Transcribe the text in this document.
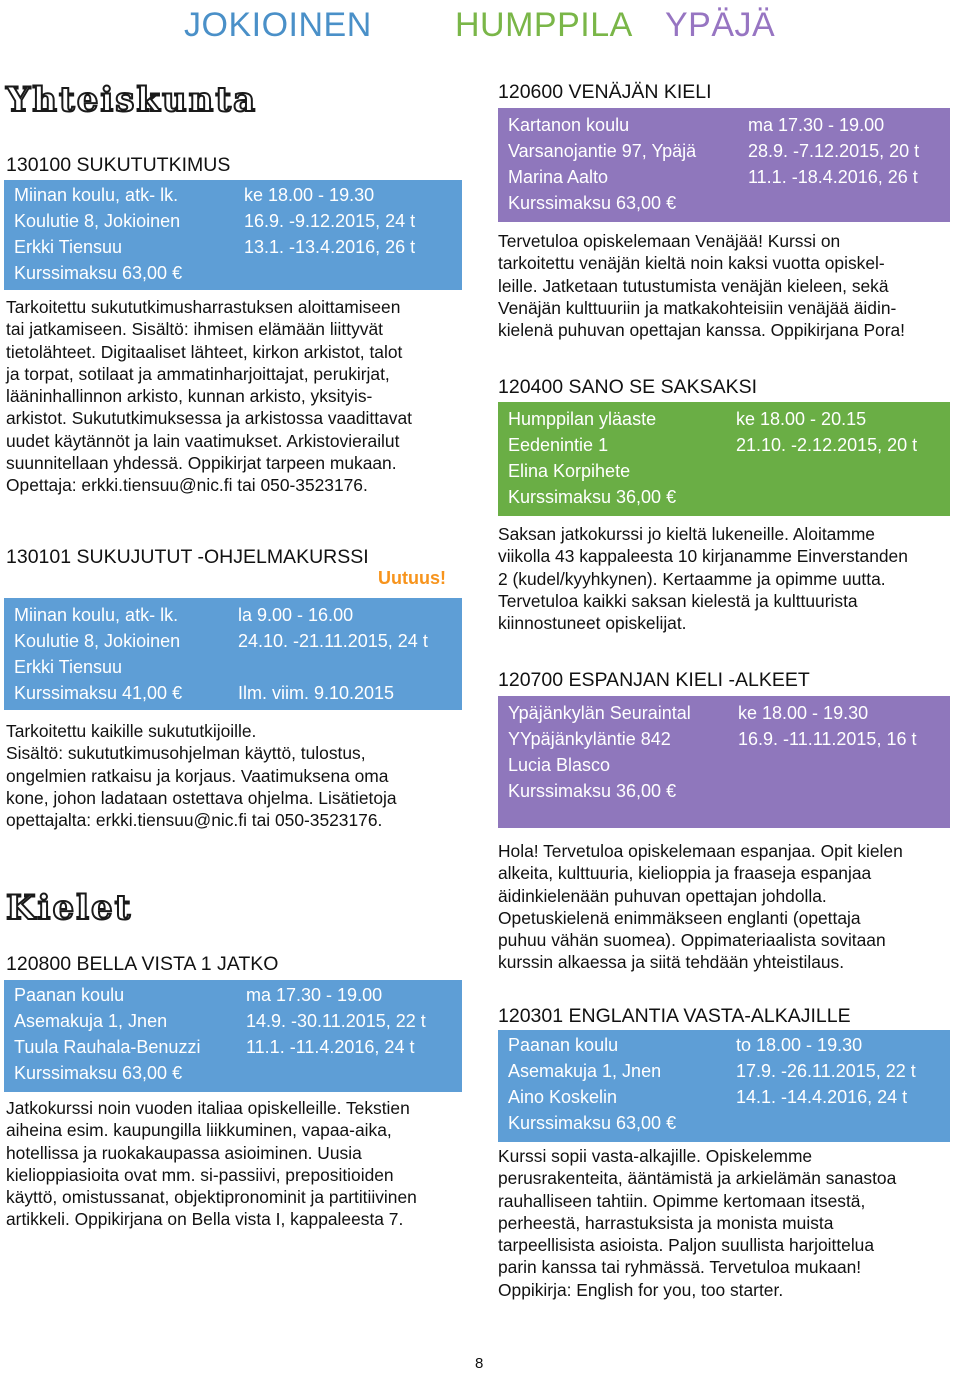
JOKIOINEN HUMPPILA YPÄJÄ
Yhteiskunta
130100 SUKUTUTKIMUS
Miinan koulu, atk- lk.
Koulutie 8, Jokioinen
Erkki Tiensuu
Kurssimaksu 63,00 €
ke 18.00 - 19.30
16.9. -9.12.2015, 24 t
13.1. -13.4.2016, 26 t
Tarkoitettu sukututkimusharrastuksen aloittamiseen
tai jatkamiseen. Sisältö: ihmisen elämään liittyvät
tietolähteet. Digitaaliset lähteet, kirkon arkistot, talot
ja torpat, sotilaat ja ammatinharjoittajat, perukirjat,
lääninhallinnon arkisto, kunnan arkisto, yksityis-
arkistot. Sukututkimuksessa ja arkistossa vaadittavat
uudet käytännöt ja lain vaatimukset. Arkistovierailut
suunnitellaan yhdessä. Oppikirjat tarpeen mukaan.
Opettaja: erkki.tiensuu@nic.fi tai 050-3523176.
130101 SUKUJUTUT -OHJELMAKURSSI
Uutuus!
Miinan koulu, atk- lk.
Koulutie 8, Jokioinen
Erkki Tiensuu
Kurssimaksu 41,00 €
la 9.00 - 16.00
24.10. -21.11.2015, 24 t
Ilm. viim. 9.10.2015
Tarkoitettu kaikille sukututkijoille.
Sisältö: sukututkimusohjelman käyttö, tulostus,
ongelmien ratkaisu ja korjaus. Vaatimuksena oma
kone, johon ladataan ostettava ohjelma. Lisätietoja
opettajalta: erkki.tiensuu@nic.fi tai 050-3523176.
Kielet
120800 BELLA VISTA 1 JATKO
Paanan koulu
Asemakuja 1, Jnen
Tuula Rauhala-Benuzzi
Kurssimaksu 63,00 €
ma 17.30 - 19.00
14.9. -30.11.2015, 22 t
11.1. -11.4.2016, 24 t
Jatkokurssi noin vuoden italiaa opiskelleille. Tekstien
aiheina esim. kaupungilla liikkuminen, vapaa-aika,
hotellissa ja ruokakaupassa asioiminen. Uusia
kielioppiasioita ovat mm. si-passiivi, prepositioiden
käyttö, omistussanat, objektipronominit ja partitiivinen
artikkeli. Oppikirjana on Bella vista I, kappaleesta 7.
120600 VENÄJÄN KIELI
Kartanon koulu
Varsanojantie 97, Ypäjä
Marina Aalto
Kurssimaksu 63,00 €
ma 17.30 - 19.00
28.9. -7.12.2015, 20 t
11.1. -18.4.2016, 26 t
Tervetuloa opiskelemaan Venäjää! Kurssi on
tarkoitettu venäjän kieltä noin kaksi vuotta opiskel-
leille. Jatketaan tutustumista venäjän kieleen, sekä
Venäjän kulttuuriin ja matkakohteisiin venäjää äidin-
kielenä puhuvan opettajan kanssa. Oppikirjana Pora!
120400 SANO SE SAKSAKSI
Humppilan yläaste
Eedenintie 1
Elina Korpihete
Kurssimaksu 36,00 €
ke 18.00 - 20.15
21.10. -2.12.2015, 20 t
Saksan jatkokurssi jo kieltä lukeneille. Aloitamme
viikolla 43 kappaleesta 10 kirjanamme Einverstanden
2 (kudel/kyyhkynen). Kertaamme ja opimme uutta.
Tervetuloa kaikki saksan kielestä ja kulttuurista
kiinnostuneet opiskelijat.
120700 ESPANJAN KIELI -ALKEET
Ypäjänkylän Seuraintal
YYpäjänkyläntie 842
Lucia Blasco
Kurssimaksu 36,00 €
ke 18.00 - 19.30
16.9. -11.11.2015, 16 t
Hola! Tervetuloa opiskelemaan espanjaa. Opit kielen
alkeita, kulttuuria, kielioppia ja fraaseja espanjaa
äidinkielenään puhuvan opettajan johdolla.
Opetuskielenä enimmäkseen englanti (opettaja
puhuu vähän suomea). Oppimateriaalista sovitaan
kurssin alkaessa ja siitä tehdään yhteistilaus.
120301 ENGLANTIA VASTA-ALKAJILLE
Paanan koulu
Asemakuja 1, Jnen
Aino Koskelin
Kurssimaksu 63,00 €
to 18.00 - 19.30
17.9. -26.11.2015, 22 t
14.1. -14.4.2016, 24 t
Kurssi sopii vasta-alkajille. Opiskelemme
perusrakenteita, ääntämistä ja arkielämän sanastoa
rauhalliseen tahtiin. Opimme kertomaan itsestä,
perheestä, harrastuksista ja monista muista
tarpeellisista asioista. Paljon suullista harjoittelua
parin kanssa tai ryhmässä. Tervetuloa mukaan!
Oppikirja: English for you, too starter.
8
